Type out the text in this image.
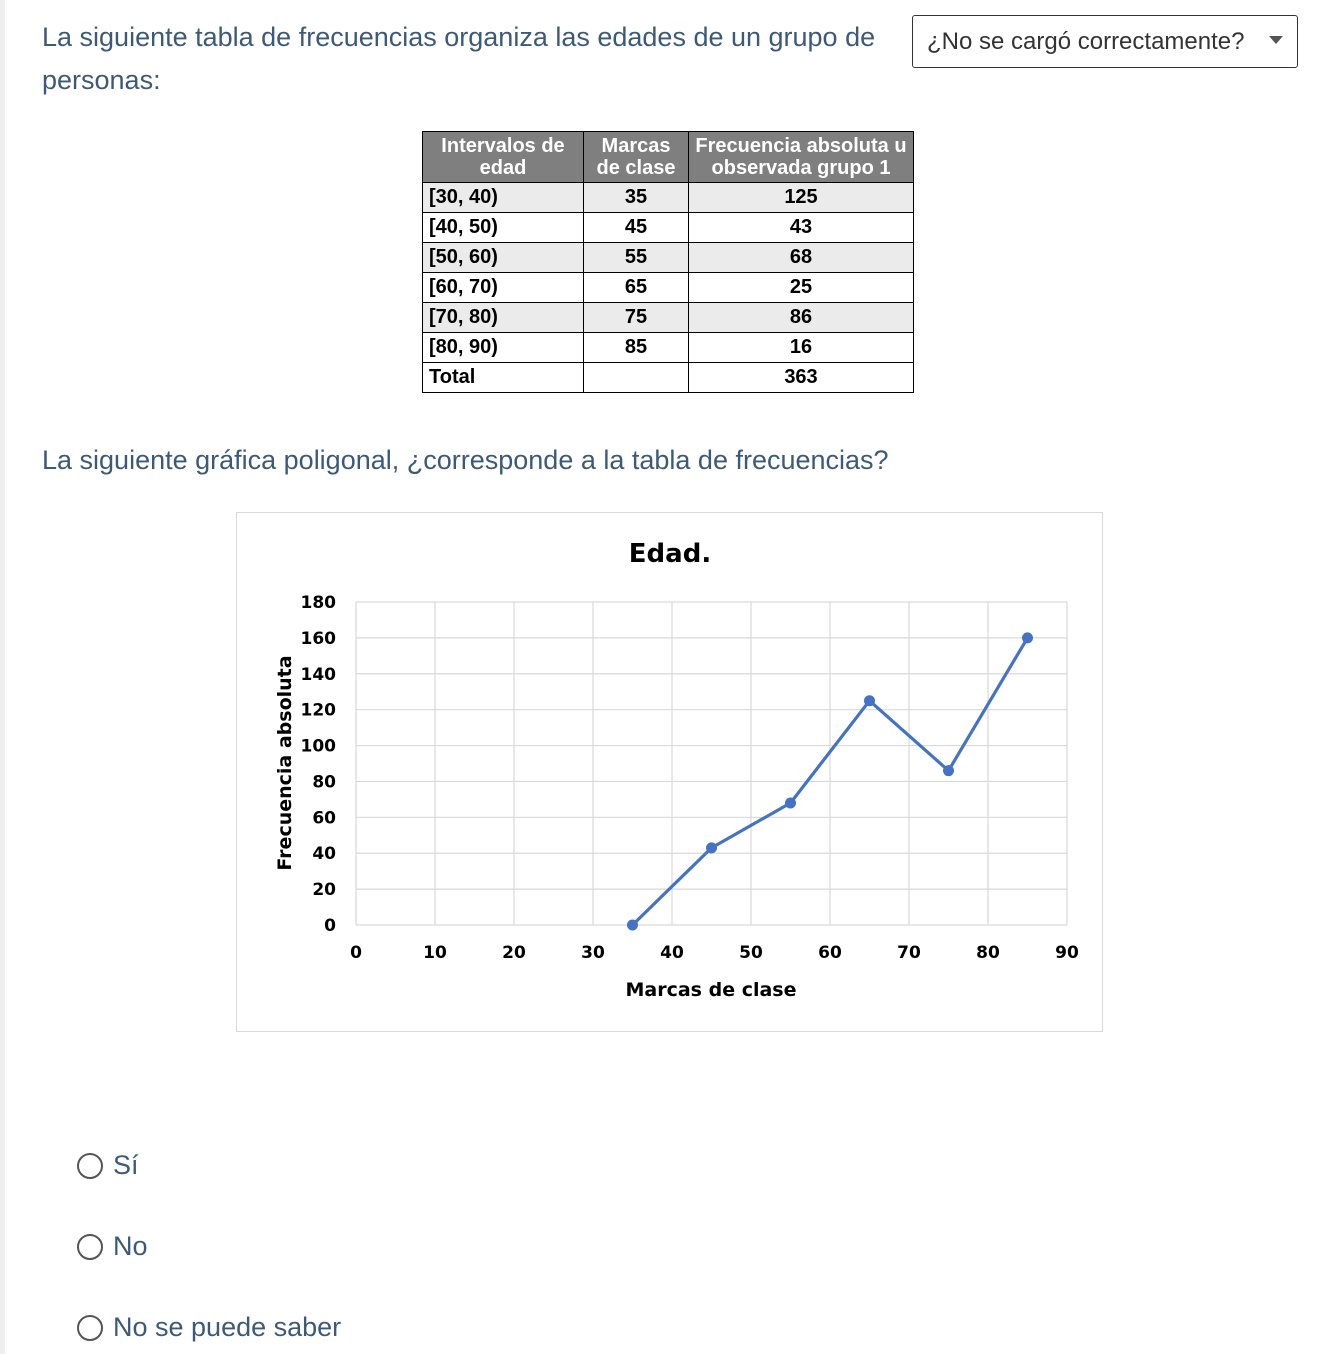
La siguiente tabla de frecuencias organiza las edades de un grupo de personas:
¿No se cargó correctamente?
Intervalos de edad	Marcas de clase	Frecuencia absoluta u observada grupo 1
[30, 40)	35	125
[40, 50)	45	43
[50, 60)	55	68
[60, 70)	65	25
[70, 80)	75	86
[80, 90)	85	16
Total		363
La siguiente gráfica poligonal, ¿corresponde a la tabla de frecuencias?
0
20
40
60
80
100
120
140
160
180
0	10	20	30	40	50	60	70	80	90
Edad.
Marcas de clase
Frecuencia absoluta
Sí
No
No se puede saber
